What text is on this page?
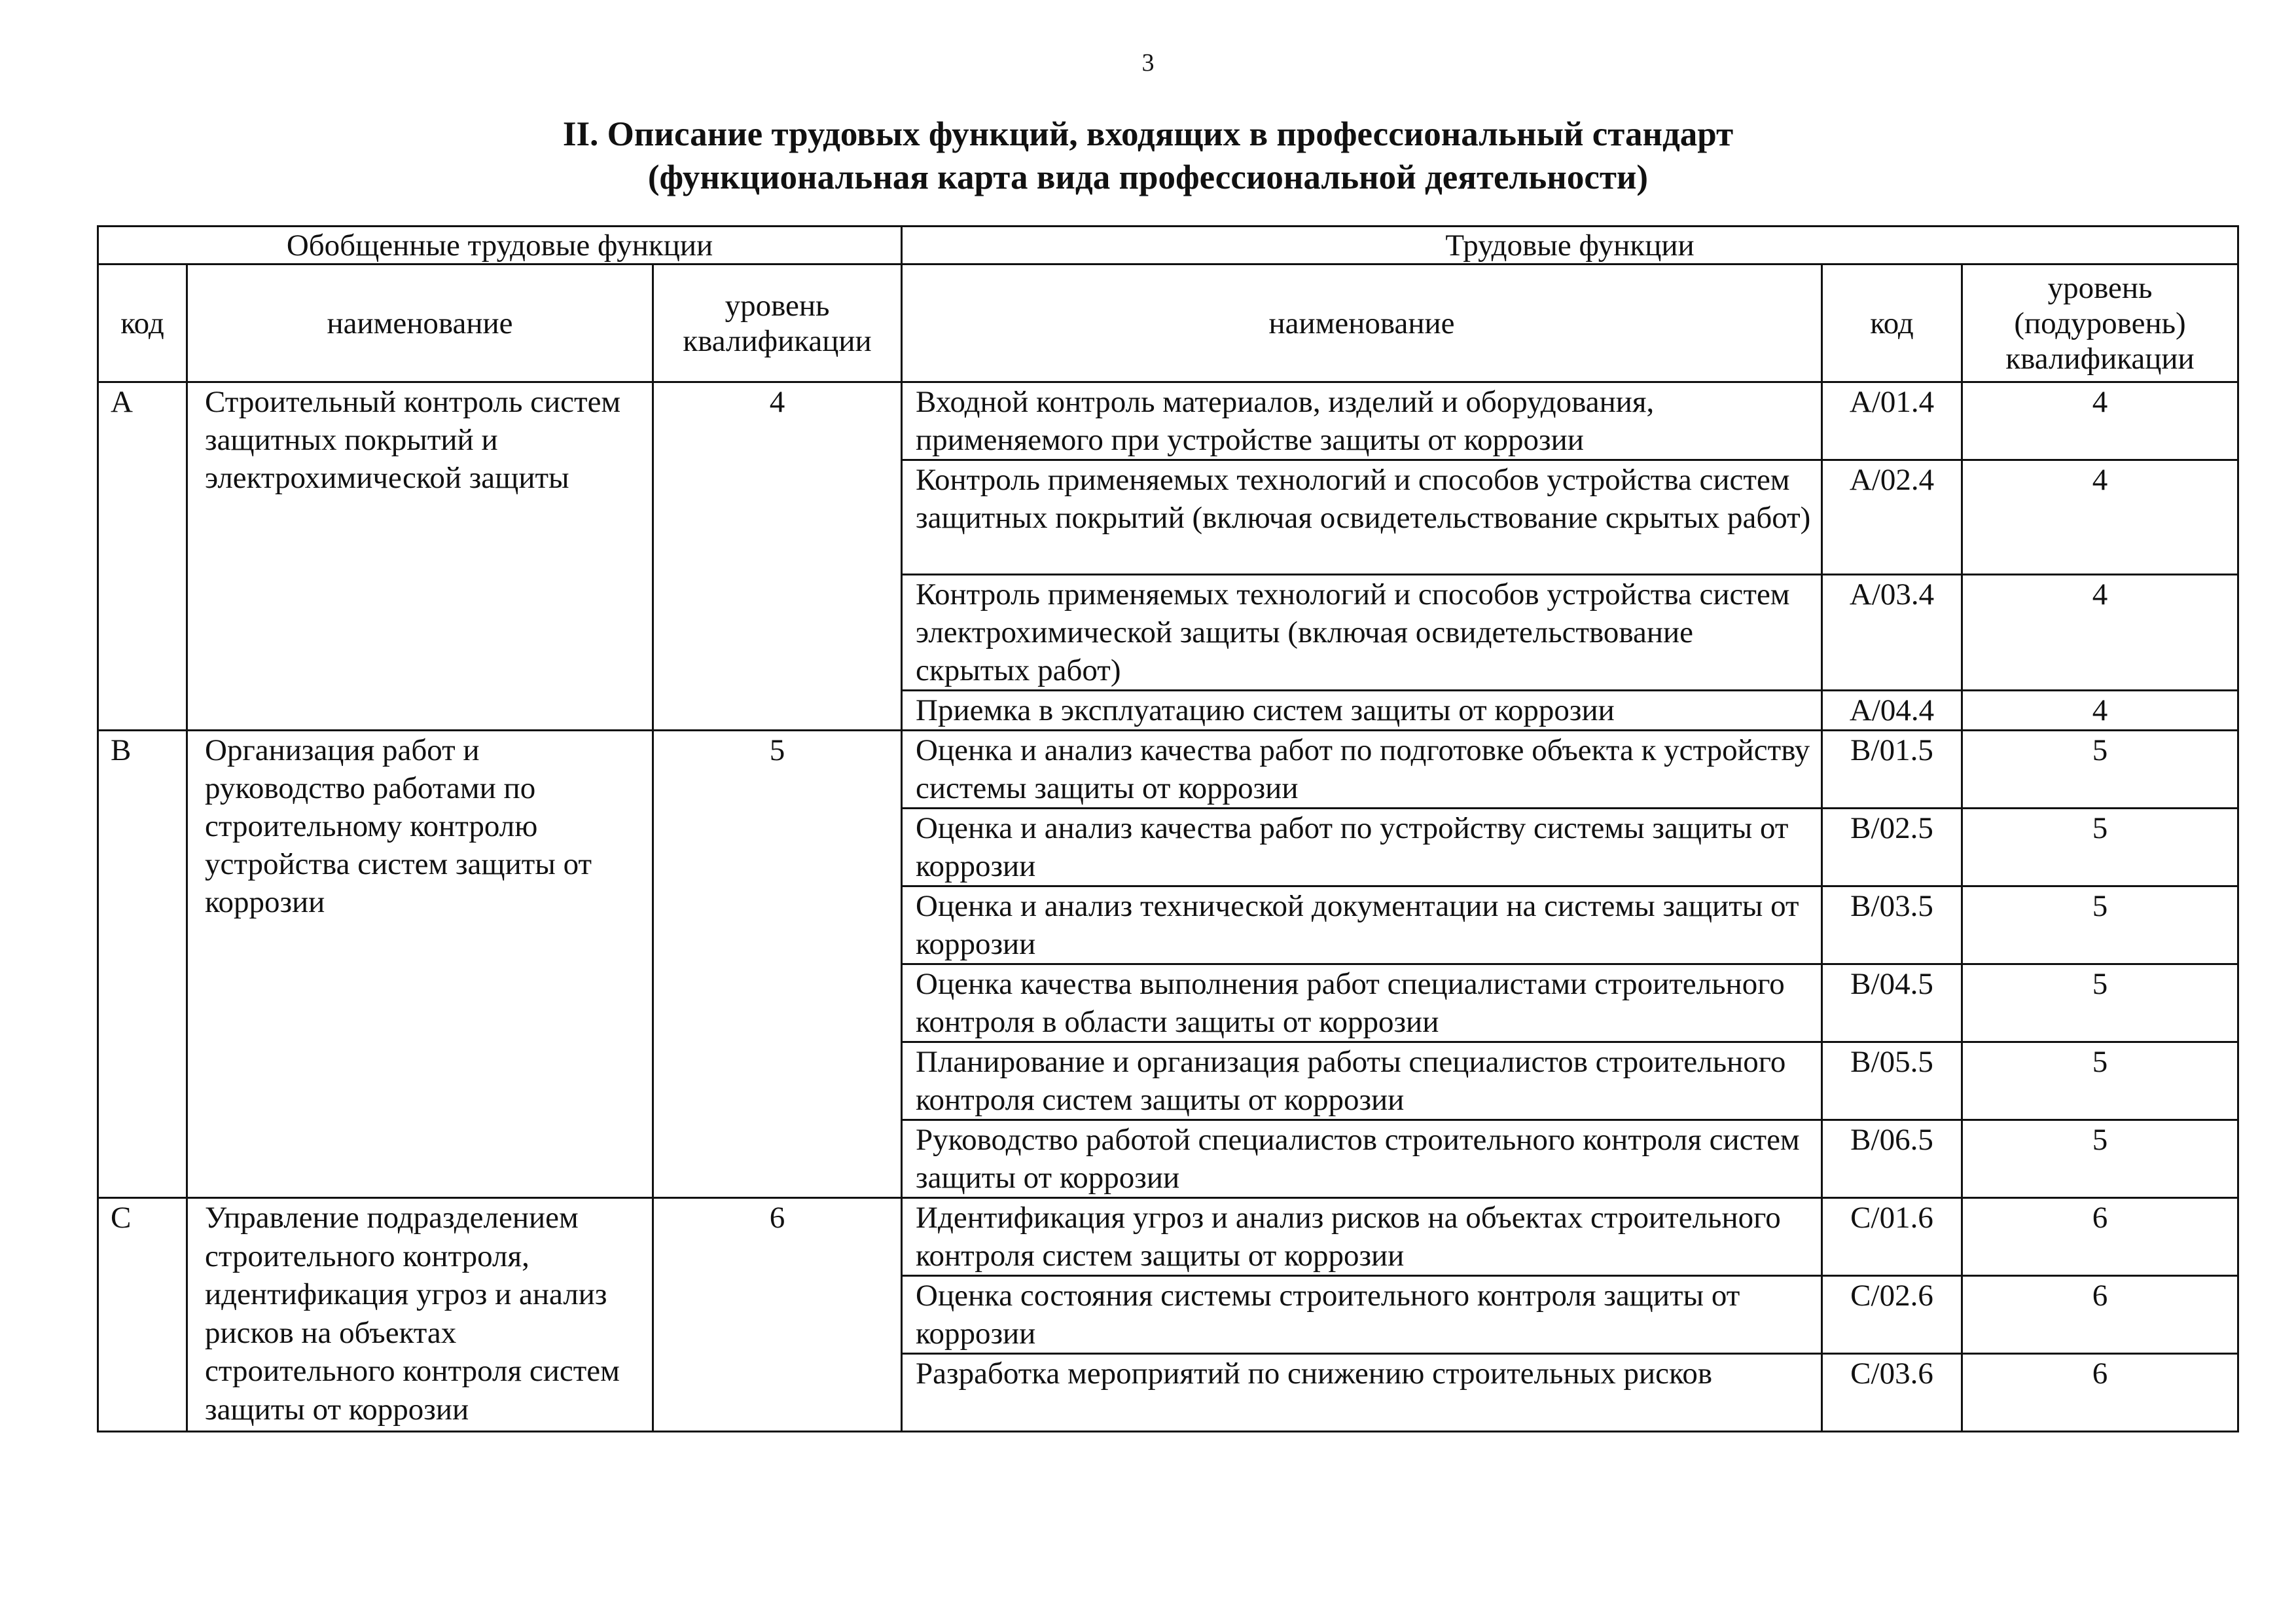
3
II. Описание трудовых функций, входящих в профессиональный стандарт
(функциональная карта вида профессиональной деятельности)
Обобщенные трудовые функции			Трудовые функции		
код	наименование	уровень квалификации	наименование	код	уровень (подуровень) квалификации
A	Строительный контроль систем защитных покрытий и электрохимической защиты	4	Входной контроль материалов, изделий и оборудования, применяемого при устройстве защиты от коррозии	A/01.4	4
			Контроль применяемых технологий и способов устройства систем защитных покрытий (включая освидетельствование скрытых работ)	A/02.4	4
			Контроль применяемых технологий и способов устройства систем электрохимической защиты (включая освидетельствование скрытых работ)	A/03.4	4
			Приемка в эксплуатацию систем защиты от коррозии	A/04.4	4
B	Организация работ и руководство работами по строительному контролю устройства систем защиты от коррозии	5	Оценка и анализ качества работ по подготовке объекта к устройству системы защиты от коррозии	B/01.5	5
			Оценка и анализ качества работ по устройству системы защиты от коррозии	B/02.5	5
			Оценка и анализ технической документации на системы защиты от коррозии	B/03.5	5
			Оценка качества выполнения работ специалистами строительного контроля в области защиты от коррозии	B/04.5	5
			Планирование и организация работы специалистов строительного контроля систем защиты от коррозии	B/05.5	5
			Руководство работой специалистов строительного контроля систем защиты от коррозии	B/06.5	5
C	Управление подразделением строительного контроля, идентификация угроз и анализ рисков на объектах строительного контроля систем защиты от коррозии	6	Идентификация угроз и анализ рисков на объектах строительного контроля систем защиты от коррозии	C/01.6	6
			Оценка состояния системы строительного контроля защиты от коррозии	C/02.6	6
			Разработка мероприятий по снижению строительных рисков	C/03.6	6
